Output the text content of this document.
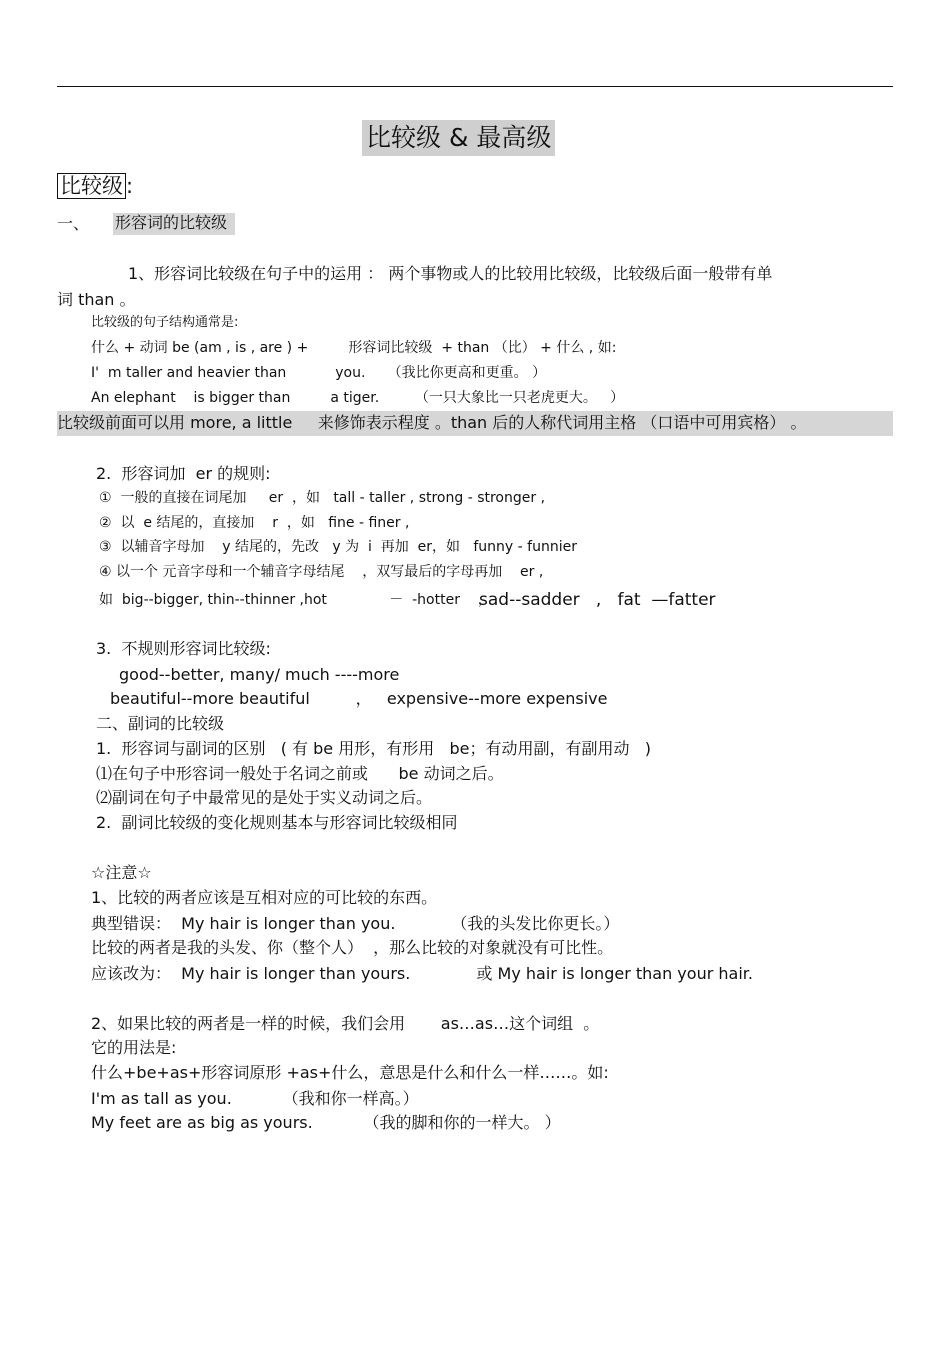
比较级 & 最高级
比较级 :
一、 形容词的比较级
1、形容词比较级在句子中的运用 ： 两个事物或人的比较用比较级，比较级后面一般带有单
词 than 。
比较级的句子结构通常是:
什么 + 动词 be (am , is , are ) +         形容词比较级  + than （比） + 什么 , 如:
I'  m taller and heavier than           you.     （我比你更高和更重。 ）
An elephant    is bigger than         a tiger.        （一只大象比一只老虎更大。   ）
比较级前面可以用 more, a little     来修饰表示程度 。than 后的人称代词用主格 （口语中可用宾格） 。
2.  形容词加  er 的规则:
①  一般的直接在词尾加     er  ，如   tall - taller , strong - stronger ,
②  以  e 结尾的，直接加    r  ，如   fine - finer ,
③  以辅音字母加    y 结尾的，先改   y 为  i  再加  er，如   funny - funnier
④ 以一个 元音字母和一个辅音字母结尾    ，双写最后的字母再加    er ,
如  big--bigger, thin--thinner ,hot              －  -hotter    ，
sad--sadder   ,   fat  —fatter
3.  不规则形容词比较级:
good--better, many/ much ----more
beautiful--more beautiful         ，   expensive--more expensive
二、副词的比较级
1.  形容词与副词的区别   ( 有 be 用形，有形用   be；有动用副，有副用动   )
⑴在句子中形容词一般处于名词之前或      be 动词之后。
⑵副词在句子中最常见的是处于实义动词之后。
2.  副词比较级的变化规则基本与形容词比较级相同
☆注意☆
1、比较的两者应该是互相对应的可比较的东西。
典型错误：  My hair is longer than you.           （我的头发比你更长。）
比较的两者是我的头发、你（整个人）  ，那么比较的对象就没有可比性。
应该改为：  My hair is longer than yours.             或 My hair is longer than your hair.
2、如果比较的两者是一样的时候，我们会用       as…as…这个词组  。
它的用法是:
什么+be+as+形容词原形 +as+什么，意思是什么和什么一样……。如:
I'm as tall as you.          （我和你一样高。）
My feet are as big as yours.          （我的脚和你的一样大。 ）
